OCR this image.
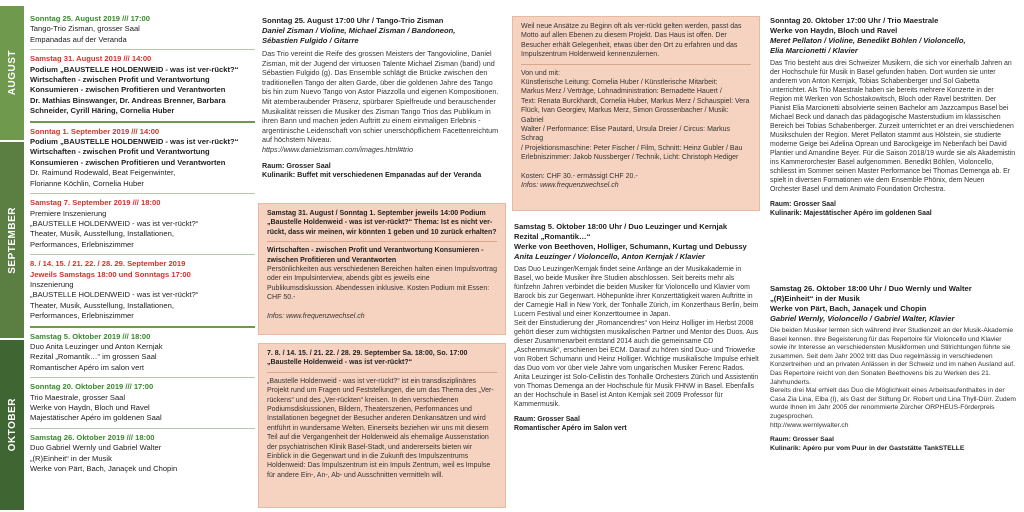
AUGUST
SEPTEMBER
OKTOBER
Sonntag 25. August 2019 /// 17:00
Tango-Trio Zisman, grosser Saal
Empanadas auf der Veranda
Samstag 31. August 2019 /// 14:00
Podium „BAUSTELLE HOLDENWEID - was ist ver-rückt?“
Wirtschaften - zwischen Profit und Verantwortung
Konsumieren - zwischen Profitieren und Verantworten
Dr. Mathias Binswanger, Dr. Andreas Brenner, Barbara
Schneider, Cyrill Häring, Cornelia Huber
Sonntag 1. September 2019 /// 14:00
Podium „BAUSTELLE HOLDENWEID - was ist ver-rückt?“
Wirtschaften - zwischen Profit und Verantwortung
Konsumieren - zwischen Profitieren und Verantworten
Dr. Raimund Rodewald, Beat Feigenwinter,
Florianne Köchlin, Cornelia Huber
Samstag 7. September 2019 /// 18:00
Premiere Inszenierung
„BAUSTELLE HOLDENWEID - was ist ver-rückt?“
Theater, Musik, Ausstellung, Installationen,
Performances, Erlebniszimmer
8. / 14. 15. / 21. 22. / 28. 29. September 2019
Jeweils Samstags 18:00 und Sonntags 17:00
Inszenierung
„BAUSTELLE HOLDENWEID - was ist ver-rückt?“
Theater, Musik, Ausstellung, Installationen,
Performances, Erlebniszimmer
Samstag 5. Oktober 2019 /// 18:00
Duo Anita Leuzinger und Anton Kernjak
Rezital „Romantik…“ im grossen Saal
Romantischer Apéro im salon vert
Sonntag 20. Oktober 2019 /// 17:00
Trio Maestrale, grosser Saal
Werke von Haydn, Bloch und Ravel
Majestätischer Apéro im goldenen Saal
Samstag 26. Oktober 2019 /// 18:00
Duo Gabriel Wernly und Gabriel Walter
„(R)Einheit“ in der Musik
Werke von Pärt, Bach, Janaçek und Chopin
Sonntag 25. August 17:00 Uhr / Tango-Trio Zisman
Daniel Zisman / Violine, Michael Zisman / Bandoneon,
Sébastien Fulgido / Gitarre
Das Trio vereint die Reife des grossen Meisters der Tangovioline, Daniel Zisman, mit der Jugend der virtuosen Talente Michael Zisman (band) und Sébastien Fulgido (g). Das Ensemble schlägt die Brücke zwischen den traditionellen Tango der alten Garde, über die goldenen Jahre des Tango bis hin zum Nuevo Tango von Astor Piazzolla und eigenen Kompositionen. Mit atemberaubender Präsenz, spürbarer Spielfreude und berauschender Musikalität reissen die Musiker des Zisman Tango Trios das Publikum in ihren Bann und machen jeden Auftritt zu einem einmaligen Erlebnis - argentinische Leidenschaft von schier unerschöpflichem Facettenreichtum auf höchstem Niveau.
https://www.danielzisman.com/images.html#trio
Raum: Grosser Saal
Kulinarik: Buffet mit verschiedenen Empanadas auf der Veranda
Samstag 31. August / Sonntag 1. September jeweils 14:00 Podium „Baustelle Holdenweid - was ist ver-rückt?“ Thema: Ist es nicht ver-rückt, dass wir meinen, wir könnten 1 geben und 10 zurück erhalten?
Wirtschaften - zwischen Profit und Verantwortung Konsumieren - zwischen Profitieren und Verantworten
Persönlichkeiten aus verschiedenen Bereichen halten einen Impulsvortrag oder ein Impulsinterview, abends gibt es jeweils eine Publikumsdiskussion. Abendessen inklusive. Kosten Podium mit Essen: CHF 50.-
Infos: www.frequenzwechsel.ch
7. 8. / 14. 15. / 21. 22. / 28. 29. September Sa. 18:00, So. 17:00 „Baustelle Holdenweid - was ist ver-rückt?“
„Baustelle Holdenweid - was ist ver-rückt?“ ist ein transdisziplinäres Projekt rund um Fragen und Feststellungen, die um das Thema des „Ver-rückens“ und des „Ver-rückten“ kreisen. In den verschiedenen Podiumsdiskussionen, Bildern, Theaterszenen, Performances und Installationen begegnet der Besucher anderen Denkansätzen und wird entführt in wundersame Welten. Einerseits beziehen wir uns mit diesem Teil auf die Vergangenheit der Holdenweid als ehemalige Aussenstation der psychiatrischen Klinik Basel-Stadt, und andererseits bieten wir Einblick in die Gegenwart und in die Zukunft des Impulszentrums Holdenweid: Das Impulszentrum ist ein Impuls Zentrum, weil es Impulse für andere Ein-, An-, Ab- und Ausschnitten vermitteln will.
Weil neue Ansätze zu Beginn oft als ver-rückt gelten werden, passt das Motto auf allen Ebenen zu diesem Projekt. Das Haus ist offen. Der Besucher erhält Gelegenheit, etwas über den Ort zu erfahren und das Impulszentrum Holdenweid kennenzulernen.
Von und mit:
Künstlerische Leitung: Cornelia Huber / Künstlerische Mitarbeit:
Markus Merz / Verträge, Lohnadministration: Bernadette Hauert /
Text: Renata Burckhardt, Cornelia Huber, Markus Merz / Schauspiel: Vera
Flück, Ivan Georgiev, Markus Merz, Simon Grossenbacher / Musik: Gabriel
Walter / Performance: Elise Pautard, Ursula Dreier / Circus: Markus Schrag
/ Projektionsmaschine: Peter Fischer / Film, Schnitt: Heinz Gubler / Bau
Erlebniszimmer: Jakob Nussberger / Technik, Licht: Christoph Hediger
Kosten: CHF 30.- ermässigt CHF 20.-
Infos: www.frequenzwechsel.ch
Samstag 5. Oktober 18:00 Uhr / Duo Leuzinger und Kernjak
Rezital „Romantik…“
Werke von Beethoven, Holliger, Schumann, Kurtag und Debussy
Anita Leuzinger / Violoncello, Anton Kernjak / Klavier
Das Duo Leuzinger/Kernjak findet seine Anfänge an der Musikakademie in Basel, wo beide Musiker ihre Studien abschlossen. Seit bereits mehr als fünfzehn Jahren verbindet die beiden Musiker für Violoncello und Klavier vom Barock bis zur Gegenwart. Höhepunkte ihrer Konzerttätigkeit waren Auftritte in der Carnegie Hall in New York, der Tonhalle Zürich, im Konzerthaus Berlin, beim Lucern Festival und einer Konzerttournee in Japan.
Seit der Einstudierung der „Romancendres“ von Heinz Holliger im Herbst 2008 gehört dieser zum wichtigsten musikalischen Partner und Mentor des Duos. Aus dieser Zusammenarbeit entstand 2014 auch die gemeinsame CD „Aschenmusik“, erschienen bei ECM. Darauf zu hören sind Duo- und Triowerke von Robert Schumann und Heinz Holliger. Wichtige musikalische Impulse erhielt das Duo vom vor über viele Jahre vom ungarischen Musiker Ferenc Rados.
Anita Leuzinger ist Solo-Cellistin des Tonhalle Orchesters Zürich und Assistentin von Thomas Demenga an der Hochschule für Musik FHNW in Basel. Ebenfalls an der Hochschule in Basel ist Anton Kernjak seit 2009 Professor für Kammermusik.
Raum: Grosser Saal
Romantischer Apéro im Salon vert
Sonntag 20. Oktober 17:00 Uhr / Trio Maestrale
Werke von Haydn, Bloch und Ravel
Meret Pellaton / Violine, Benedikt Böhlen / Violoncello,
Elia Marcionetti / Klavier
Das Trio besteht aus drei Schweizer Musikern, die sich vor einerhalb Jahren an der Hochschule für Musik in Basel gefunden haben. Dort wurden sie unter anderem von Anton Kernjak, Tobias Schabenberger und Sol Gabetta unterrichtet. Als Trio Maestrale haben sie bereits mehrere Konzerte in der Region mit Werken von Schostakowitsch, Bloch oder Ravel bestritten. Der Pianist Elia Marcionetti absolvierte seinen Bachelor am Jazzcampus Basel bei Michael Beck und danach das pädagogische Masterstudium im klassischen Bereich bei Tobias Schabenberger. Zurzeit unterrichtet er an drei verschiedenen Musikschulen der Region. Meret Pellaton stammt aus Hölstein, sie studierte moderne Geige bei Adelina Oprean und Barockgeige im Nebenfach bei David Plantier und Amandine Beyer. Für die Saison 2018/19 wurde sie als Akademistin ins Kammerorchester Basel aufgenommen. Benedikt Böhlen, Violoncello, schliesst im Sommer seinen Master Performance bei Thomas Demenga ab. Er spielt in diversen Formationen wie dem Ensemble Phönix, dem Neuen Orchester Basel und dem Animato Foundation Orchestra.
Raum: Grosser Saal
Kulinarik: Majestätischer Apéro im goldenen Saal
Samstag 26. Oktober 18:00 Uhr / Duo Wernly und Walter
„(R)Einheit“ in der Musik
Werke von Pärt, Bach, Janaçek und Chopin
Gabriel Wernly, Violoncello / Gabriel Walter, Klavier
Die beiden Musiker lernten sich während ihrer Studienzeit an der Musik-Akademie Basel kennen. Ihre Begeisterung für das Repertoire für Violoncello und Klavier sowie ihr Interesse an verschiedensten Musikformen und Stilrichtungen führte sie zusammen. Seit dem Jahr 2002 tritt das Duo regelmässig in verschiedenen Konzertreihen und an privaten Anlässen in der Schweiz und im nahen Ausland auf. Das Repertoire reicht von den Sonaten Beethovens bis zu Werken des 21. Jahrhunderts.
Bereits drei Mal erhielt das Duo die Möglichkeit eines Arbeitsaufenthaltes in der Casa Zia Lina, Elba (I), als Gast der Stiftung Dr. Robert und Lina Thyll-Dürr. Zudem wurde Ihnen im Jahr 2005 der renommierte Zürcher ORPHEUS-Förderpreis zugesprochen.
http://www.wernlywalter.ch
Raum: Grosser Saal
Kulinarik: Apéro pur vom Puur in der Gaststätte TankSTELLE
